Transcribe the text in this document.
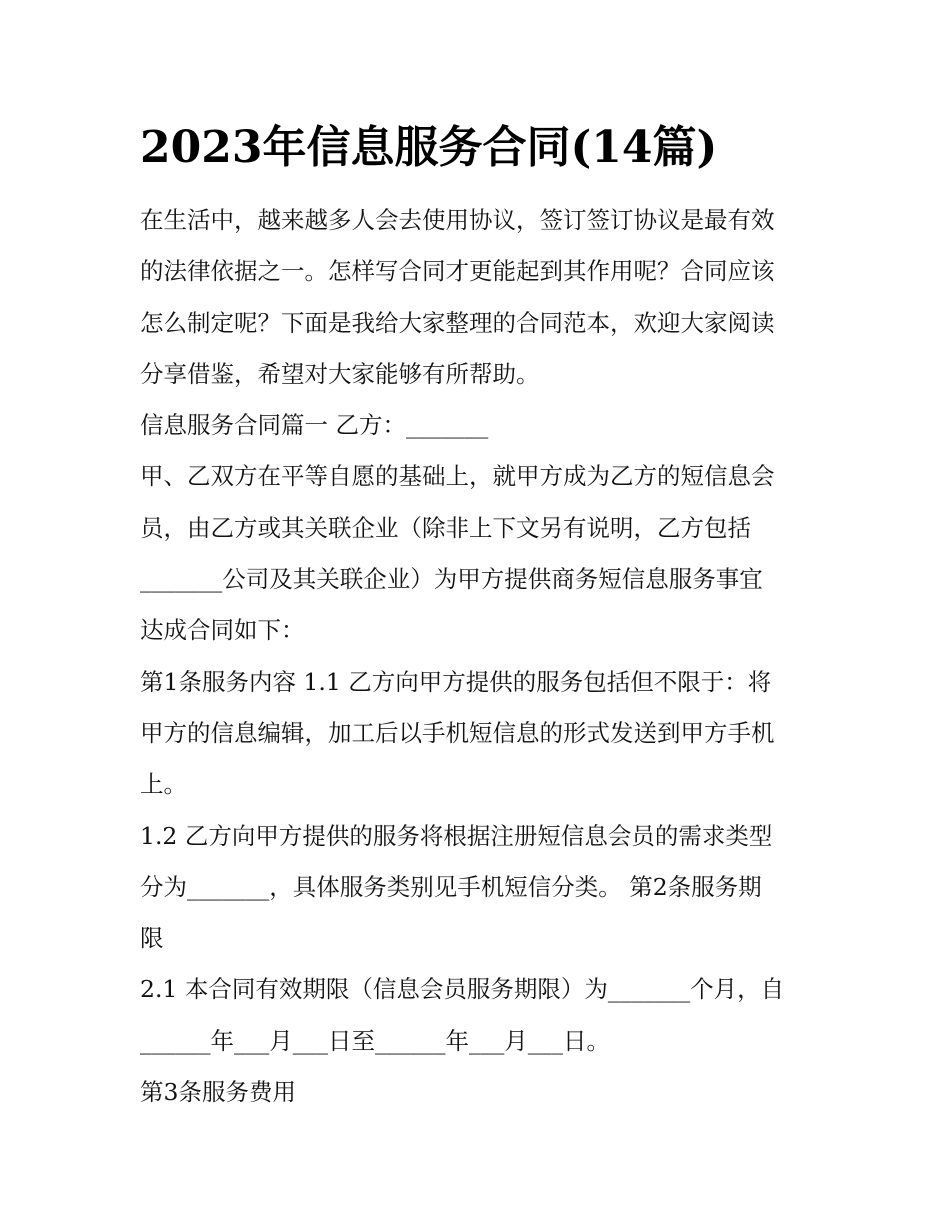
2023年信息服务合同(14篇)
在生活中，越来越多人会去使用协议，签订签订协议是最有效
的法律依据之一。怎样写合同才更能起到其作用呢？合同应该
怎么制定呢？下面是我给大家整理的合同范本，欢迎大家阅读
分享借鉴，希望对大家能够有所帮助。
信息服务合同篇一 乙方：_______
甲、乙双方在平等自愿的基础上，就甲方成为乙方的短信息会
员，由乙方或其关联企业（除非上下文另有说明，乙方包括
_______公司及其关联企业）为甲方提供商务短信息服务事宜
达成合同如下：
第1条服务内容 1.1 乙方向甲方提供的服务包括但不限于：将
甲方的信息编辑，加工后以手机短信息的形式发送到甲方手机
上。
1.2 乙方向甲方提供的服务将根据注册短信息会员的需求类型
分为_______，具体服务类别见手机短信分类。 第2条服务期
限
2.1 本合同有效期限（信息会员服务期限）为_______个月，自
______年___月___日至______年___月___日。
第3条服务费用
